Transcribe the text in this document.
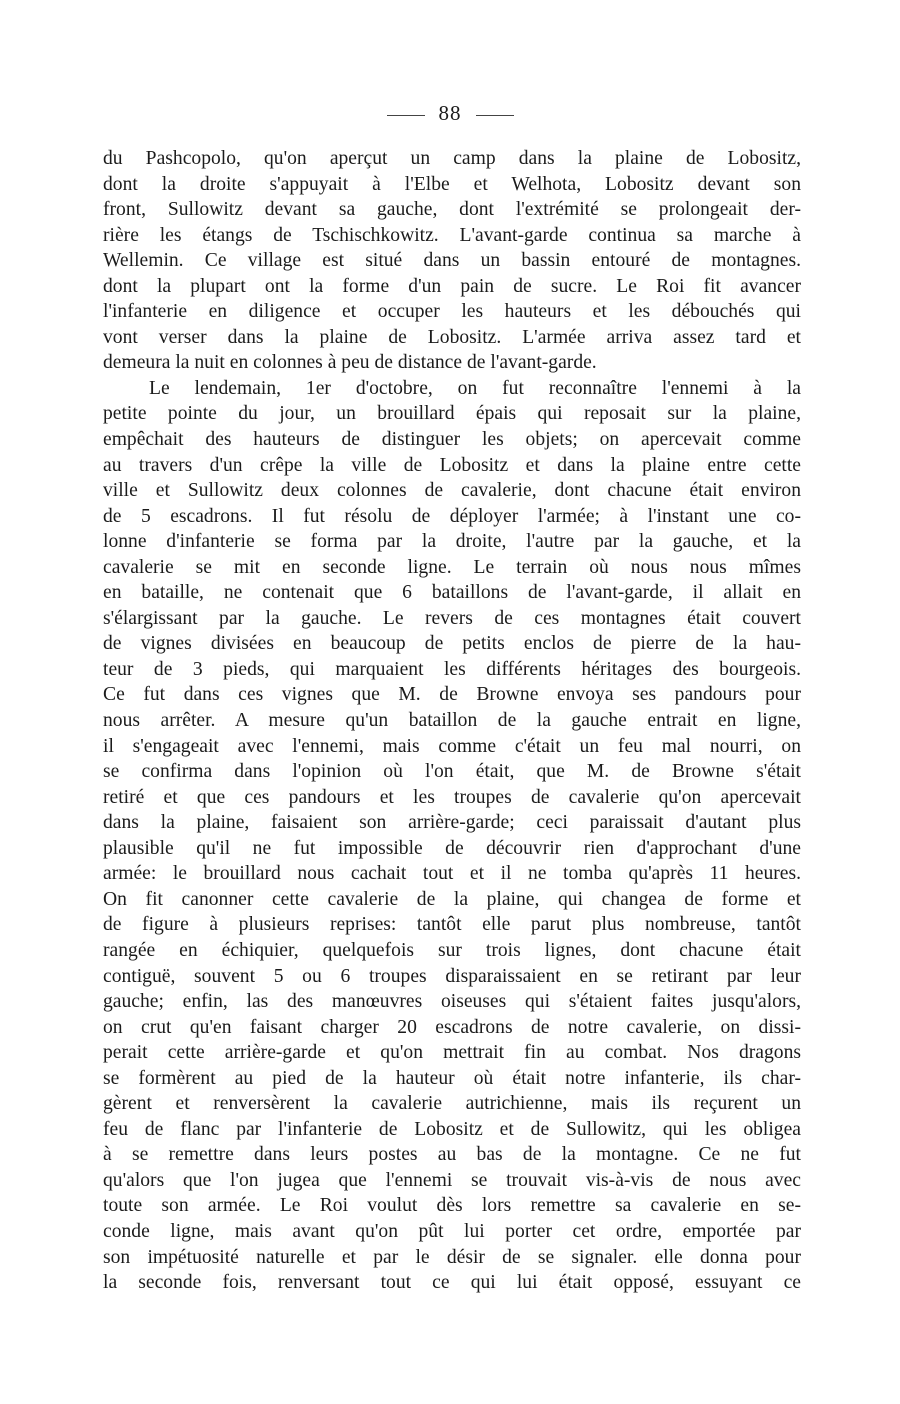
88
du Pashcopolo, qu'on aperçut un camp dans la plaine de Lobositz,
dont la droite s'appuyait à l'Elbe et Welhota, Lobositz devant son
front, Sullowitz devant sa gauche, dont l'extrémité se prolongeait der-
rière les étangs de Tschischkowitz. L'avant-garde continua sa marche à
Wellemin. Ce village est situé dans un bassin entouré de montagnes.
dont la plupart ont la forme d'un pain de sucre. Le Roi fit avancer
l'infanterie en diligence et occuper les hauteurs et les débouchés qui
vont verser dans la plaine de Lobositz. L'armée arriva assez tard et
demeura la nuit en colonnes à peu de distance de l'avant-garde.
Le lendemain, 1er d'octobre, on fut reconnaître l'ennemi à la
petite pointe du jour, un brouillard épais qui reposait sur la plaine,
empêchait des hauteurs de distinguer les objets; on apercevait comme
au travers d'un crêpe la ville de Lobositz et dans la plaine entre cette
ville et Sullowitz deux colonnes de cavalerie, dont chacune était environ
de 5 escadrons. Il fut résolu de déployer l'armée; à l'instant une co-
lonne d'infanterie se forma par la droite, l'autre par la gauche, et la
cavalerie se mit en seconde ligne. Le terrain où nous nous mîmes
en bataille, ne contenait que 6 bataillons de l'avant-garde, il allait en
s'élargissant par la gauche. Le revers de ces montagnes était couvert
de vignes divisées en beaucoup de petits enclos de pierre de la hau-
teur de 3 pieds, qui marquaient les différents héritages des bourgeois.
Ce fut dans ces vignes que M. de Browne envoya ses pandours pour
nous arrêter. A mesure qu'un bataillon de la gauche entrait en ligne,
il s'engageait avec l'ennemi, mais comme c'était un feu mal nourri, on
se confirma dans l'opinion où l'on était, que M. de Browne s'était
retiré et que ces pandours et les troupes de cavalerie qu'on apercevait
dans la plaine, faisaient son arrière-garde; ceci paraissait d'autant plus
plausible qu'il ne fut impossible de découvrir rien d'approchant d'une
armée: le brouillard nous cachait tout et il ne tomba qu'après 11 heures.
On fit canonner cette cavalerie de la plaine, qui changea de forme et
de figure à plusieurs reprises: tantôt elle parut plus nombreuse, tantôt
rangée en échiquier, quelquefois sur trois lignes, dont chacune était
contiguë, souvent 5 ou 6 troupes disparaissaient en se retirant par leur
gauche; enfin, las des manœuvres oiseuses qui s'étaient faites jusqu'alors,
on crut qu'en faisant charger 20 escadrons de notre cavalerie, on dissi-
perait cette arrière-garde et qu'on mettrait fin au combat. Nos dragons
se formèrent au pied de la hauteur où était notre infanterie, ils char-
gèrent et renversèrent la cavalerie autrichienne, mais ils reçurent un
feu de flanc par l'infanterie de Lobositz et de Sullowitz, qui les obligea
à se remettre dans leurs postes au bas de la montagne. Ce ne fut
qu'alors que l'on jugea que l'ennemi se trouvait vis-à-vis de nous avec
toute son armée. Le Roi voulut dès lors remettre sa cavalerie en se-
conde ligne, mais avant qu'on pût lui porter cet ordre, emportée par
son impétuosité naturelle et par le désir de se signaler. elle donna pour
la seconde fois, renversant tout ce qui lui était opposé, essuyant ce
